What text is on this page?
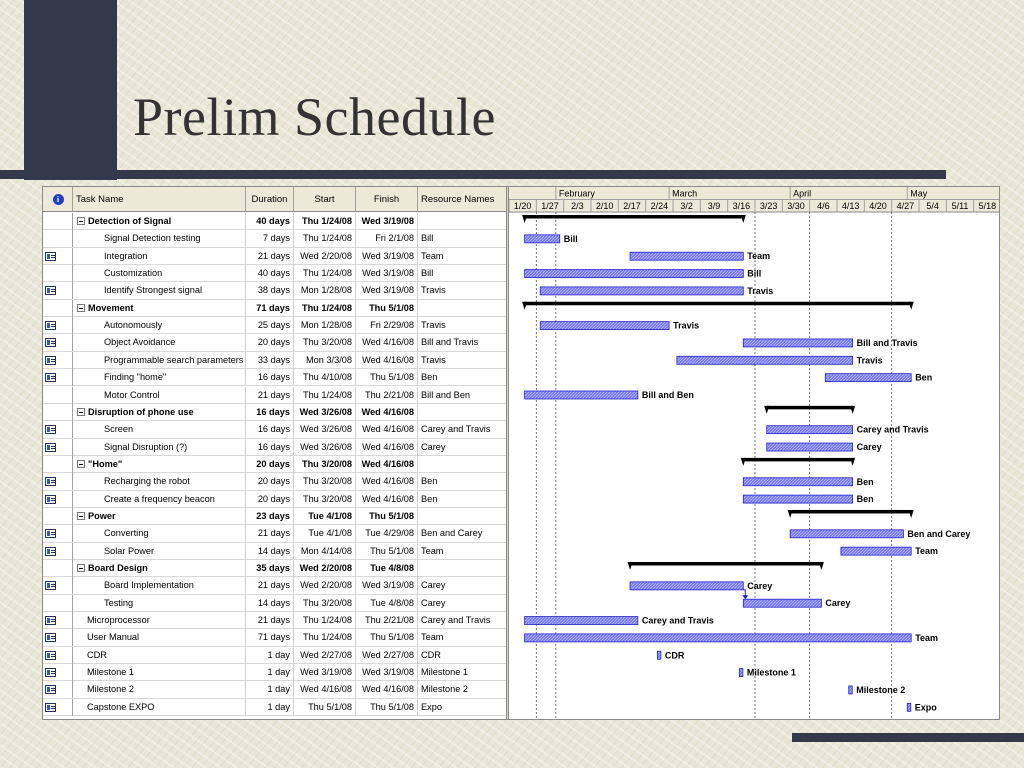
Prelim Schedule
i	Task Name	Duration	Start	Finish	Resource Names
Detection of Signal	40 days	Thu 1/24/08	Wed 3/19/08
Signal Detection testing	7 days	Thu 1/24/08	Fri 2/1/08 Bill
Integration	21 days	Wed 2/20/08	Wed 3/19/08 Team
Customization	40 days	Thu 1/24/08	Wed 3/19/08 Bill
Identify Strongest signal	38 days	Mon 1/28/08	Wed 3/19/08 Travis
Movement	71 days	Thu 1/24/08	Thu 5/1/08
Autonomously	25 days	Mon 1/28/08	Fri 2/29/08 Travis
Object Avoidance	20 days	Thu 3/20/08	Wed 4/16/08 Bill and Travis
Programmable search parameters	33 days	Mon 3/3/08	Wed 4/16/08 Travis
Finding "home"	16 days	Thu 4/10/08	Thu 5/1/08 Ben
Motor Control	21 days	Thu 1/24/08	Thu 2/21/08 Bill and Ben
Disruption of phone use	16 days	Wed 3/26/08	Wed 4/16/08
Screen	16 days	Wed 3/26/08	Wed 4/16/08 Carey and Travis
Signal Disruption (?)	16 days	Wed 3/26/08	Wed 4/16/08 Carey
"Home"	20 days	Thu 3/20/08	Wed 4/16/08
Recharging the robot	20 days	Thu 3/20/08	Wed 4/16/08 Ben
Create a frequency beacon	20 days	Thu 3/20/08	Wed 4/16/08 Ben
Power	23 days	Tue 4/1/08	Thu 5/1/08
Converting	21 days	Tue 4/1/08	Tue 4/29/08 Ben and Carey
Solar Power	14 days	Mon 4/14/08	Thu 5/1/08 Team
Board Design	35 days	Wed 2/20/08	Tue 4/8/08
Board Implementation	21 days	Wed 2/20/08	Wed 3/19/08 Carey
Testing	14 days	Thu 3/20/08	Tue 4/8/08 Carey
Microprocessor	21 days	Thu 1/24/08	Thu 2/21/08 Carey and Travis
User Manual	71 days	Thu 1/24/08	Thu 5/1/08 Team
CDR	1 day	Wed 2/27/08	Wed 2/27/08 CDR
Milestone 1	1 day	Wed 3/19/08	Wed 3/19/08 Milestone 1
Milestone 2	1 day	Wed 4/16/08	Wed 4/16/08 Milestone 2
Capstone EXPO	1 day	Thu 5/1/08	Thu 5/1/08 Expo
February	March	April	May
1/20 1/27 2/3 2/10 2/17 2/24 3/2 3/9 3/16 3/23 3/30 4/6 4/13 4/20 4/27 5/4 5/11 5/18
Bill
Team
Bill
Travis
Travis
Bill and Travis
Travis
Ben
Bill and Ben
Carey and Travis
Carey
Ben
Ben
Ben and Carey
Team
Carey
Carey
Carey and Travis
Team
CDR
Milestone 1
Milestone 2
Expo
